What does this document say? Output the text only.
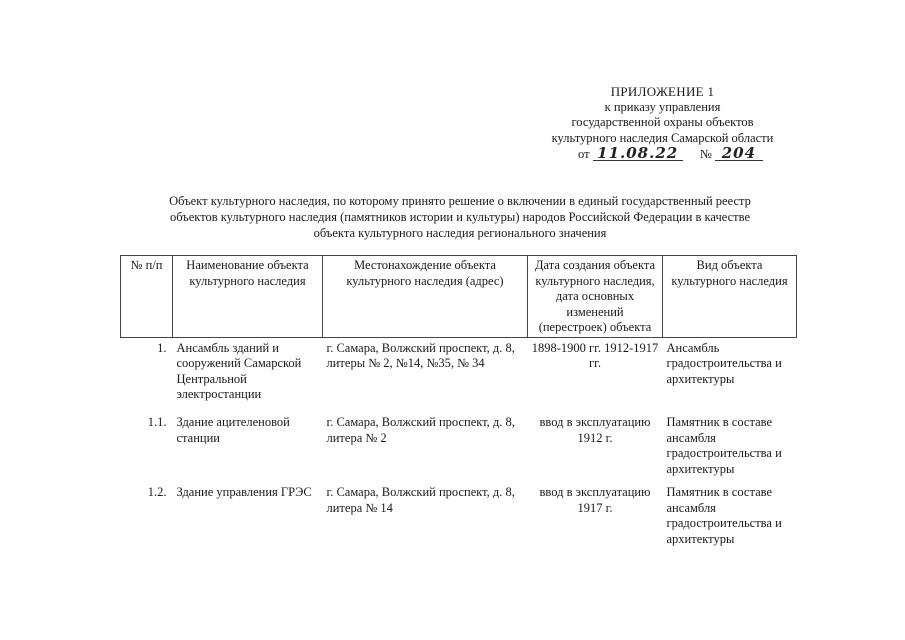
ПРИЛОЖЕНИЕ 1
к приказу управления
государственной охраны объектов
культурного наследия Самарской области
от 11.08.22 № 204
Объект культурного наследия, по которому принято решение о включении в единый государственный реестр
объектов культурного наследия (памятников истории и культуры) народов Российской Федерации в качестве
объекта культурного наследия регионального значения
№ п/п	Наименование объекта культурного наследия	Местонахождение объекта культурного наследия (адрес)	Дата создания объекта культурного наследия, дата основных изменений (перестроек) объекта	Вид объекта культурного наследия
1.	Ансамбль зданий и сооружений Самарской Центральной электростанции	г. Самара, Волжский проспект, д. 8, литеры № 2, №14, №35, № 34	1898-1900 гг. 1912-1917 гг.	Ансамбль градостроительства и архитектуры
1.1.	Здание ацителеновой станции	г. Самара, Волжский проспект, д. 8, литера № 2	ввод в эксплуатацию 1912 г.	Памятник в составе ансамбля градостроительства и архитектуры
1.2.	Здание управления ГРЭС	г. Самара, Волжский проспект, д. 8, литера № 14	ввод в эксплуатацию 1917 г.	Памятник в составе ансамбля градостроительства и архитектуры
